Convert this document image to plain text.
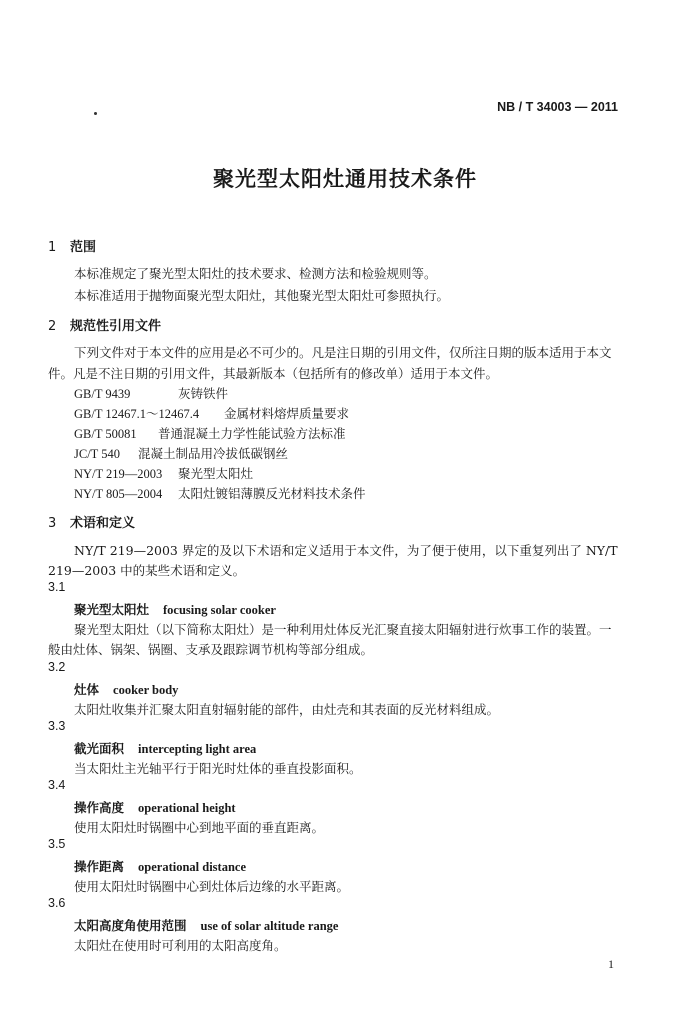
NB / T 34003 — 2011
聚光型太阳灶通用技术条件
1 范围
本标准规定了聚光型太阳灶的技术要求、检测方法和检验规则等。
本标准适用于抛物面聚光型太阳灶，其他聚光型太阳灶可参照执行。
2 规范性引用文件
下列文件对于本文件的应用是必不可少的。凡是注日期的引用文件，仅所注日期的版本适用于本文
件。凡是不注日期的引用文件，其最新版本（包括所有的修改单）适用于本文件。
GB/T 9439	灰铸铁件
GB/T 12467.1～12467.4 金属材料熔焊质量要求
GB/T 50081 普通混凝土力学性能试验方法标准
JC/T 540 混凝土制品用冷拔低碳钢丝
NY/T 219—2003 聚光型太阳灶
NY/T 805—2004 太阳灶镀铝薄膜反光材料技术条件
3 术语和定义
NY/T 219—2003 界定的及以下术语和定义适用于本文件，为了便于使用，以下重复列出了 NY/T
219—2003 中的某些术语和定义。
3.1
聚光型太阳灶 focusing solar cooker
聚光型太阳灶（以下简称太阳灶）是一种利用灶体反光汇聚直接太阳辐射进行炊事工作的装置。一
般由灶体、锅架、锅圈、支承及跟踪调节机构等部分组成。
3.2
灶体 cooker body
太阳灶收集并汇聚太阳直射辐射能的部件，由灶壳和其表面的反光材料组成。
3.3
截光面积 intercepting light area
当太阳灶主光轴平行于阳光时灶体的垂直投影面积。
3.4
操作高度 operational height
使用太阳灶时锅圈中心到地平面的垂直距离。
3.5
操作距离 operational distance
使用太阳灶时锅圈中心到灶体后边缘的水平距离。
3.6
太阳高度角使用范围 use of solar altitude range
太阳灶在使用时可利用的太阳高度角。
1
